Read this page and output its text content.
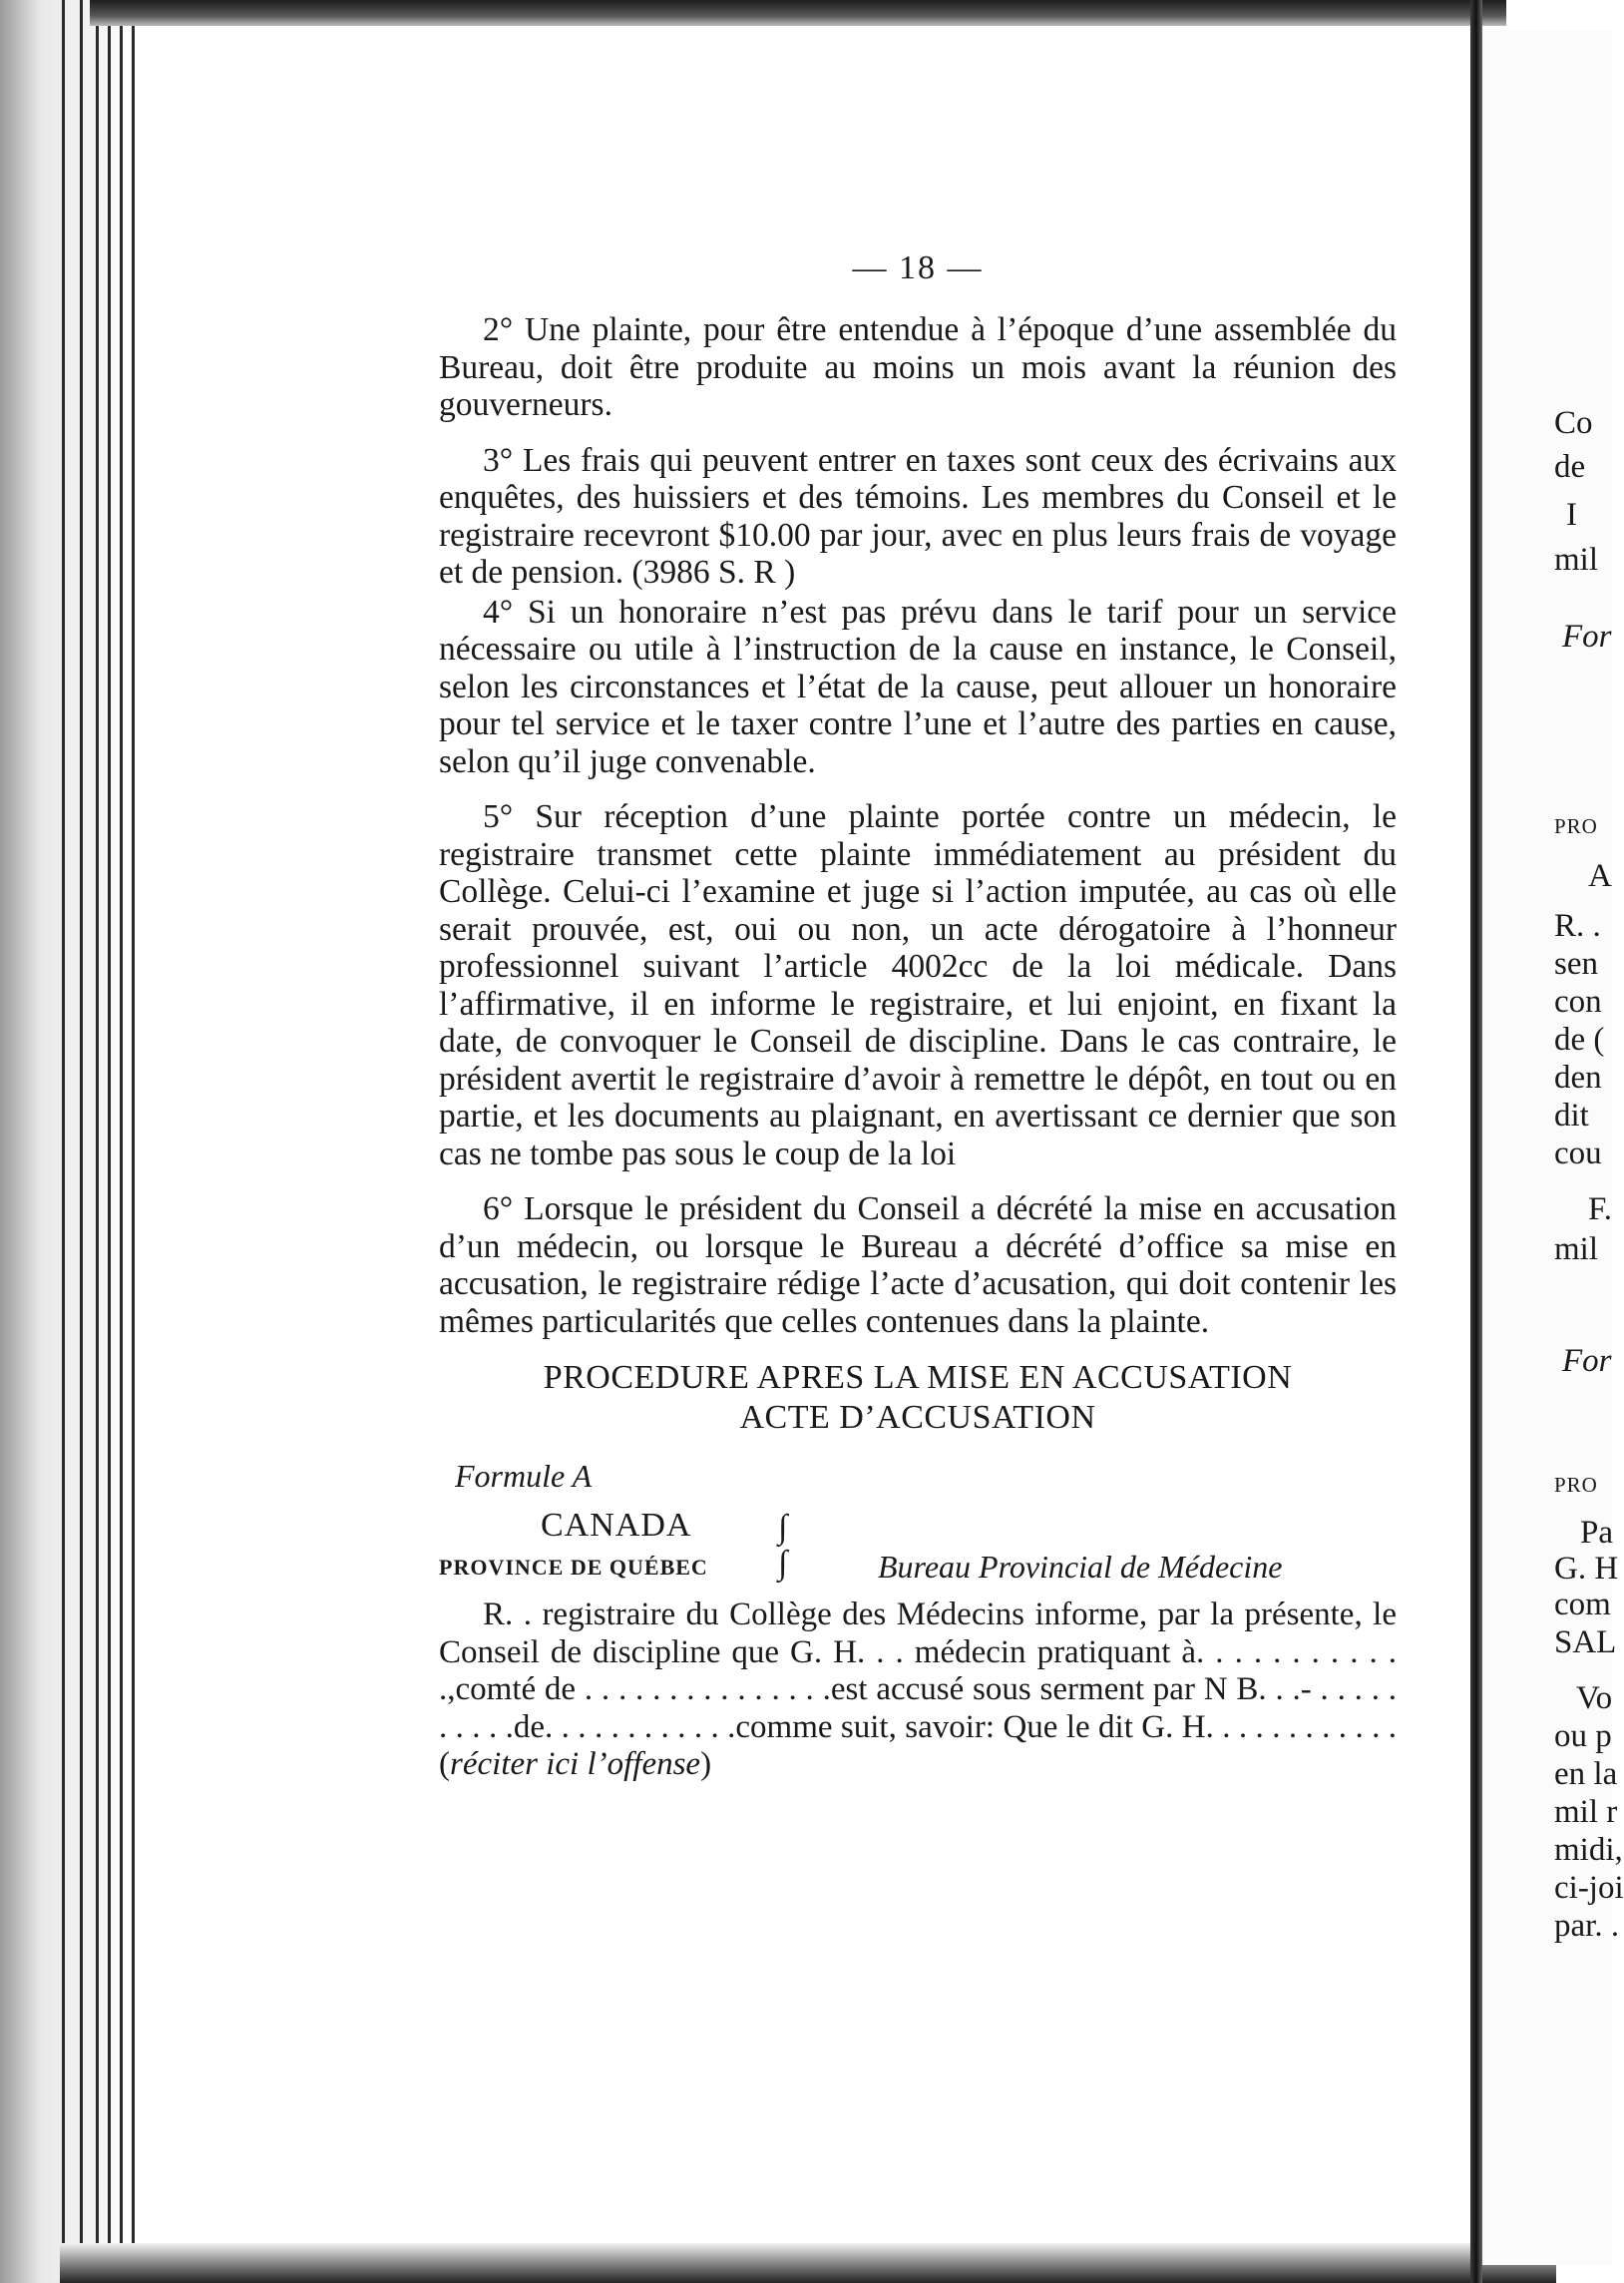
Co
de
I
mil
For
PRO
A
R. .
sen
con
de (
den
dit
cou
F.
mil
For
PRO
Pa
G. H
com
SAL
Vo
ou p
en la
mil r
midi,
ci-joi
par. .
— 18 —

2° Une plainte, pour être entendue à l’époque d’une assemblée du Bureau, doit être produite au moins un mois avant la réunion des gouverneurs.

3° Les frais qui peuvent entrer en taxes sont ceux des écrivains aux enquêtes, des huissiers et des témoins. Les membres du Conseil et le registraire recevront $10.00 par jour, avec en plus leurs frais de voyage et de pension. (3986 S. R )

4° Si un honoraire n’est pas prévu dans le tarif pour un service nécessaire ou utile à l’instruction de la cause en instance, le Conseil, selon les circonstances et l’état de la cause, peut allouer un honoraire pour tel service et le taxer contre l’une et l’autre des parties en cause, selon qu’il juge convenable.

5° Sur réception d’une plainte portée contre un médecin, le registraire transmet cette plainte immédiatement au président du Collège. Celui-ci l’examine et juge si l’action imputée, au cas où elle serait prouvée, est, oui ou non, un acte dérogatoire à l’honneur professionnel suivant l’article 4002cc de la loi médicale. Dans l’affirmative, il en informe le registraire, et lui enjoint, en fixant la date, de convoquer le Conseil de discipline. Dans le cas contraire, le président avertit le registraire d’avoir à remettre le dépôt, en tout ou en partie, et les documents au plaignant, en avertissant ce dernier que son cas ne tombe pas sous le coup de la loi

6° Lorsque le président du Conseil a décrété la mise en accusation d’un médecin, ou lorsque le Bureau a décrété d’office sa mise en accusation, le registraire rédige l’acte d’acusation, qui doit contenir les mêmes particularités que celles contenues dans la plainte.

PROCEDURE APRES LA MISE EN ACCUSATION
ACTE D’ACCUSATION
Formule A
CANADA	∫
PROVINCE DE QUÉBEC ∫	Bureau Provincial de Médecine

R. . registraire du Collège des Médecins informe, par la présente, le Conseil de discipline que G. H. . . médecin pratiquant à. . . . . . . . . . . .,comté de . . . . . . . . . . . . . . .est accusé sous serment par N B. . .- . . . . . . . . . .de. . . . . . . . . . . .comme suit, savoir: Que le dit G. H. . . . . . . . . . . . (réciter ici l’offense)
